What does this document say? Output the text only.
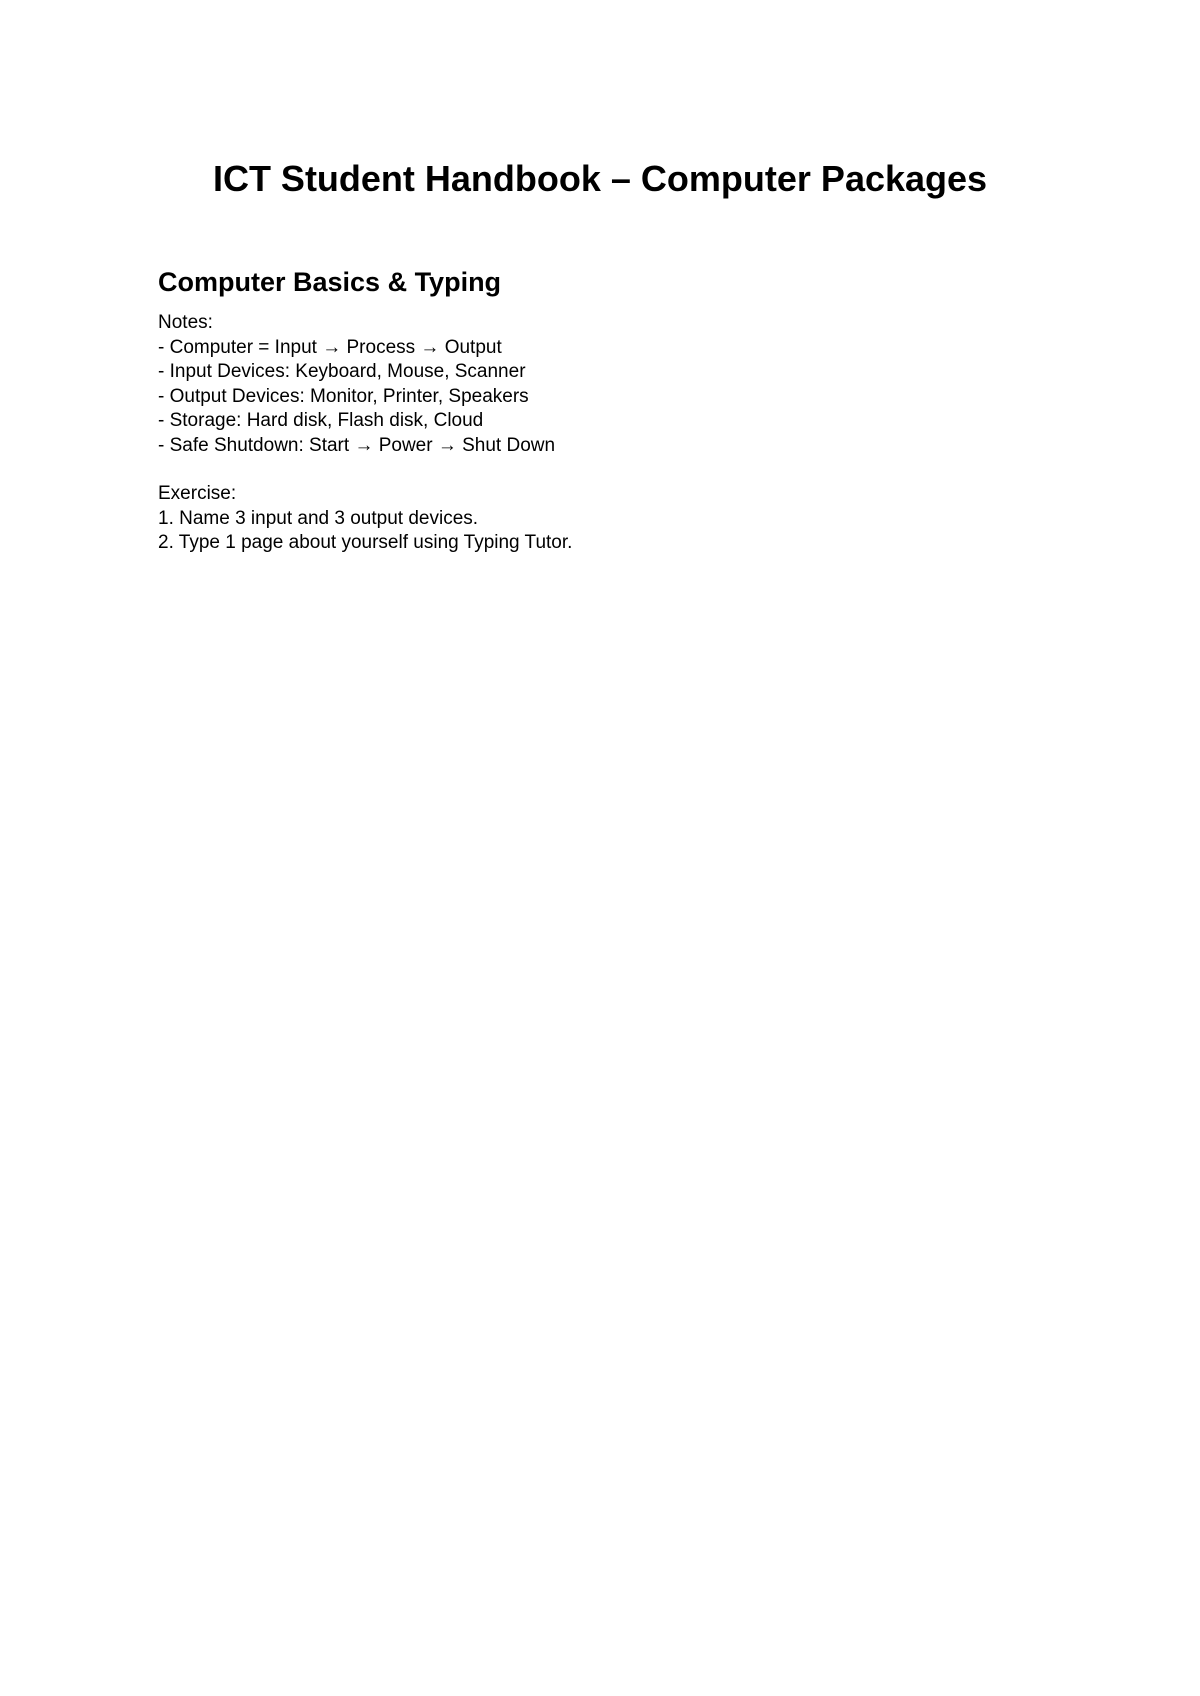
ICT Student Handbook – Computer Packages
Computer Basics & Typing
Notes:
- Computer = Input → Process → Output
- Input Devices: Keyboard, Mouse, Scanner
- Output Devices: Monitor, Printer, Speakers
- Storage: Hard disk, Flash disk, Cloud
- Safe Shutdown: Start → Power → Shut Down
Exercise:
1. Name 3 input and 3 output devices.
2. Type 1 page about yourself using Typing Tutor.
